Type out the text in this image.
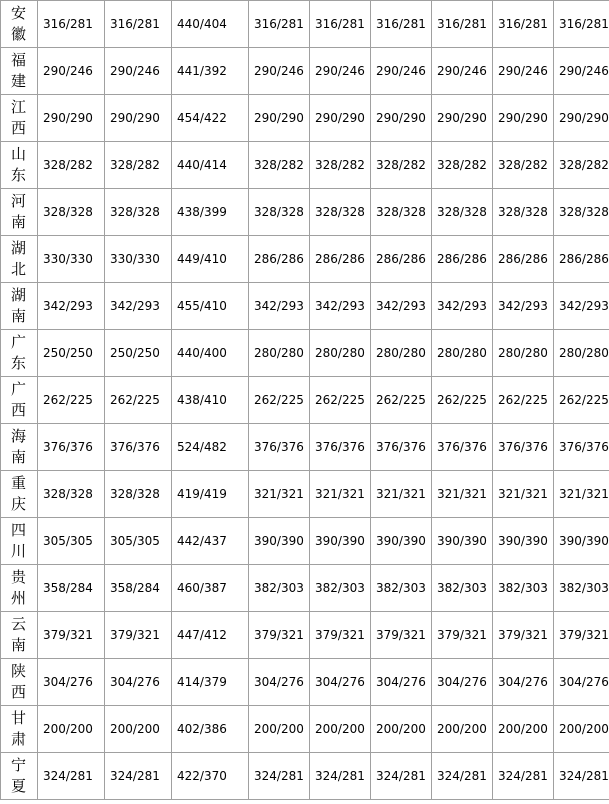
安
徽	316/281	316/281	440/404	316/281	316/281	316/281	316/281	316/281	316/281

福
建	290/246	290/246	441/392	290/246	290/246	290/246	290/246	290/246	290/246

江
西	290/290	290/290	454/422	290/290	290/290	290/290	290/290	290/290	290/290

山
东	328/282	328/282	440/414	328/282	328/282	328/282	328/282	328/282	328/282

河
南	328/328	328/328	438/399	328/328	328/328	328/328	328/328	328/328	328/328

湖
北	330/330	330/330	449/410	286/286	286/286	286/286	286/286	286/286	286/286

湖
南	342/293	342/293	455/410	342/293	342/293	342/293	342/293	342/293	342/293

广
东	250/250	250/250	440/400	280/280	280/280	280/280	280/280	280/280	280/280

广
西	262/225	262/225	438/410	262/225	262/225	262/225	262/225	262/225	262/225

海
南	376/376	376/376	524/482	376/376	376/376	376/376	376/376	376/376	376/376

重
庆	328/328	328/328	419/419	321/321	321/321	321/321	321/321	321/321	321/321

四
川	305/305	305/305	442/437	390/390	390/390	390/390	390/390	390/390	390/390

贵
州	358/284	358/284	460/387	382/303	382/303	382/303	382/303	382/303	382/303

云
南	379/321	379/321	447/412	379/321	379/321	379/321	379/321	379/321	379/321

陕
西	304/276	304/276	414/379	304/276	304/276	304/276	304/276	304/276	304/276

甘
肃	200/200	200/200	402/386	200/200	200/200	200/200	200/200	200/200	200/200

宁
夏	324/281	324/281	422/370	324/281	324/281	324/281	324/281	324/281	324/281
